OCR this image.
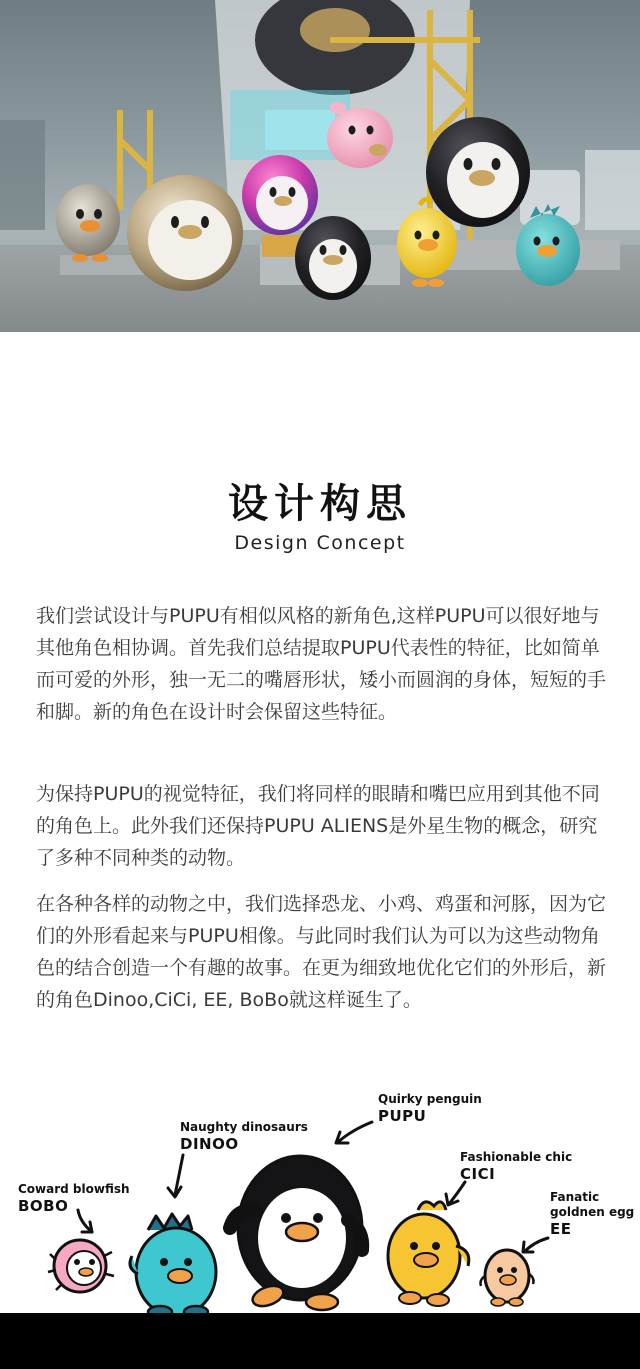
设计构思
Design Concept

我们尝试设计与PUPU有相似风格的新角色,这样PUPU可以很好地与其他角色相协调。首先我们总结提取PUPU代表性的特征，比如简单而可爱的外形，独一无二的嘴唇形状，矮小而圆润的身体，短短的手和脚。新的角色在设计时会保留这些特征。

为保持PUPU的视觉特征，我们将同样的眼睛和嘴巴应用到其他不同的角色上。此外我们还保持PUPU ALIENS是外星生物的概念，研究了多种不同种类的动物。

在各种各样的动物之中，我们选择恐龙、小鸡、鸡蛋和河豚，因为它们的外形看起来与PUPU相像。与此同时我们认为可以为这些动物角色的结合创造一个有趣的故事。在更为细致地优化它们的外形后，新的角色Dinoo,CiCi, EE, BoBo就这样诞生了。

Coward blowfish
BOBO
Naughty dinosaurs
DINOO
Quirky penguin
PUPU
Fashionable chic
CICI
Fanatic
goldnen egg
EE
